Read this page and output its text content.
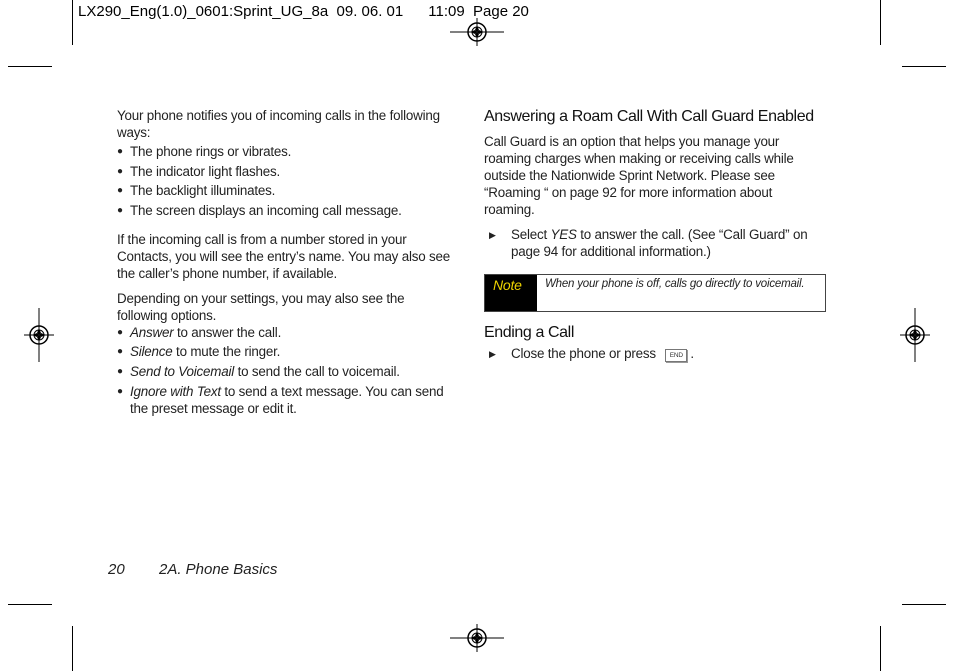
LX290_Eng(1.0)_0601:Sprint_UG_8a  09. 06. 01      11:09  Page 20

Your phone notifies you of incoming calls in the following ways:

● The phone rings or vibrates.
● The indicator light flashes.
● The backlight illuminates.
● The screen displays an incoming call message.

If the incoming call is from a number stored in your Contacts, you will see the entry’s name. You may also see the caller’s phone number, if available.

Depending on your settings, you may also see the following options.

● Answer to answer the call.
● Silence to mute the ringer.
● Send to Voicemail to send the call to voicemail.
● Ignore with Text to send a text message. You can send the preset message or edit it.
Answering a Roam Call With Call Guard Enabled

Call Guard is an option that helps you manage your roaming charges when making or receiving calls while outside the Nationwide Sprint Network. Please see “Roaming “ on page 92 for more information about roaming.

▶ Select YES to answer the call. (See “Call Guard” on page 94 for additional information.)
Note	When your phone is off, calls go directly to voicemail.
Ending a Call
▶ Close the phone or press END .
20 2A. Phone Basics
